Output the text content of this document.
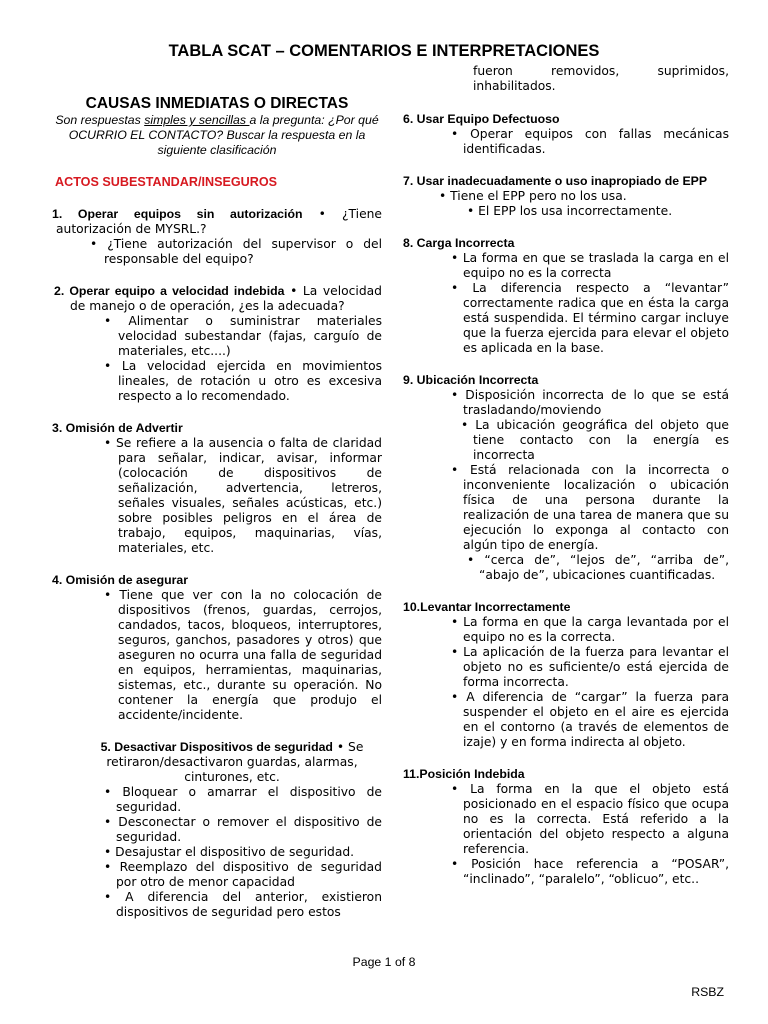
TABLA SCAT – COMENTARIOS E INTERPRETACIONES
CAUSAS INMEDIATAS O DIRECTAS
Son respuestas simples y sencillas a la pregunta: ¿Por qué OCURRIO EL CONTACTO? Buscar la respuesta en la siguiente clasificación
ACTOS SUBESTANDAR/INSEGUROS
1. Operar equipos sin autorización • ¿Tiene autorización de MYSRL.?
• ¿Tiene autorización del supervisor o del responsable del equipo?
2. Operar equipo a velocidad indebida • La velocidad de manejo o de operación, ¿es la adecuada?
• Alimentar o suministrar materiales velocidad subestandar (fajas, carguío de materiales, etc....)
• La velocidad ejercida en movimientos lineales, de rotación u otro es excesiva respecto a lo recomendado.
3. Omisión de Advertir
• Se refiere a la ausencia o falta de claridad para señalar, indicar, avisar, informar (colocación de dispositivos de señalización, advertencia, letreros, señales visuales, señales acústicas, etc.) sobre posibles peligros en el área de trabajo, equipos, maquinarias, vías, materiales, etc.
4. Omisión de asegurar
• Tiene que ver con la no colocación de dispositivos (frenos, guardas, cerrojos, candados, tacos, bloqueos, interruptores, seguros, ganchos, pasadores y otros) que aseguren no ocurra una falla de seguridad en equipos, herramientas, maquinarias, sistemas, etc., durante su operación. No contener la energía que produjo el accidente/incidente.
5. Desactivar Dispositivos de seguridad • Se retiraron/desactivaron guardas, alarmas, cinturones, etc.
• Bloquear o amarrar el dispositivo de seguridad.
• Desconectar o remover el dispositivo de seguridad.
• Desajustar el dispositivo de seguridad.
• Reemplazo del dispositivo de seguridad por otro de menor capacidad
• A diferencia del anterior, existieron dispositivos de seguridad pero estos
fueron removidos, suprimidos, inhabilitados.
6. Usar Equipo Defectuoso
• Operar equipos con fallas mecánicas identificadas.
7. Usar inadecuadamente o uso inapropiado de EPP
• Tiene el EPP pero no los usa.
• El EPP los usa incorrectamente.
8. Carga Incorrecta
• La forma en que se traslada la carga en el equipo no es la correcta
• La diferencia respecto a “levantar” correctamente radica que en ésta la carga está suspendida. El término cargar incluye que la fuerza ejercida para elevar el objeto es aplicada en la base.
9. Ubicación Incorrecta
• Disposición incorrecta de lo que se está trasladando/moviendo
• La ubicación geográfica del objeto que tiene contacto con la energía es incorrecta
• Está relacionada con la incorrecta o inconveniente localización o ubicación física de una persona durante la realización de una tarea de manera que su ejecución lo exponga al contacto con algún tipo de energía.
• “cerca de”, “lejos de”, “arriba de”, “abajo de”, ubicaciones cuantificadas.
10.Levantar Incorrectamente
• La forma en que la carga levantada por el equipo no es la correcta.
• La aplicación de la fuerza para levantar el objeto no es suficiente/o está ejercida de forma incorrecta.
• A diferencia de “cargar” la fuerza para suspender el objeto en el aire es ejercida en el contorno (a través de elementos de izaje) y en forma indirecta al objeto.
11.Posición Indebida
• La forma en la que el objeto está posicionado en el espacio físico que ocupa no es la correcta. Está referido a la orientación del objeto respecto a alguna referencia.
• Posición hace referencia a “POSAR”, “inclinado”, “paralelo”, “oblicuo”, etc..
Page 1 of 8
RSBZ
